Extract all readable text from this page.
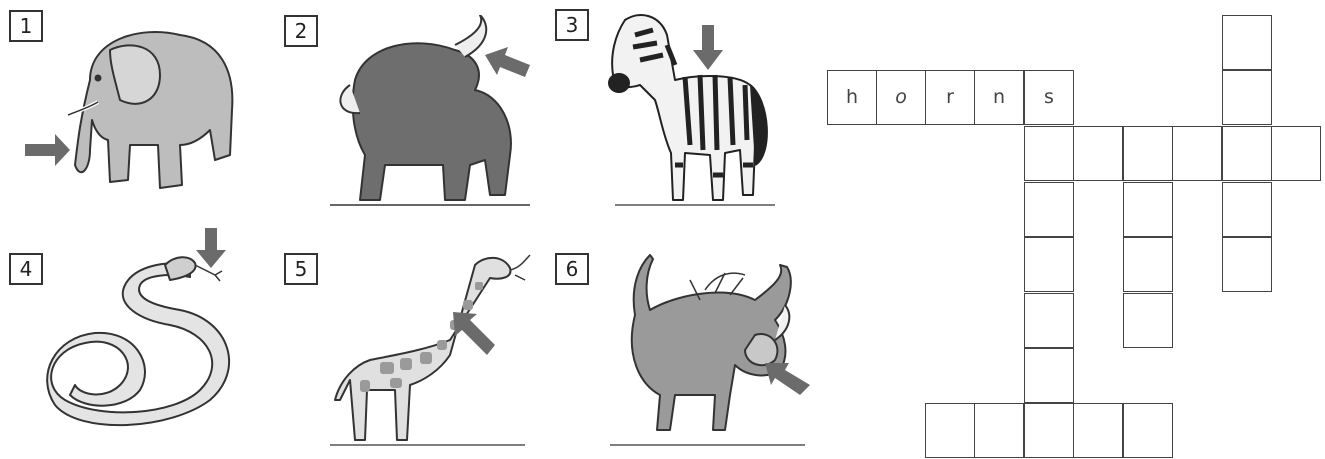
1	2	3
4	5	6
h	o	r	n	s
